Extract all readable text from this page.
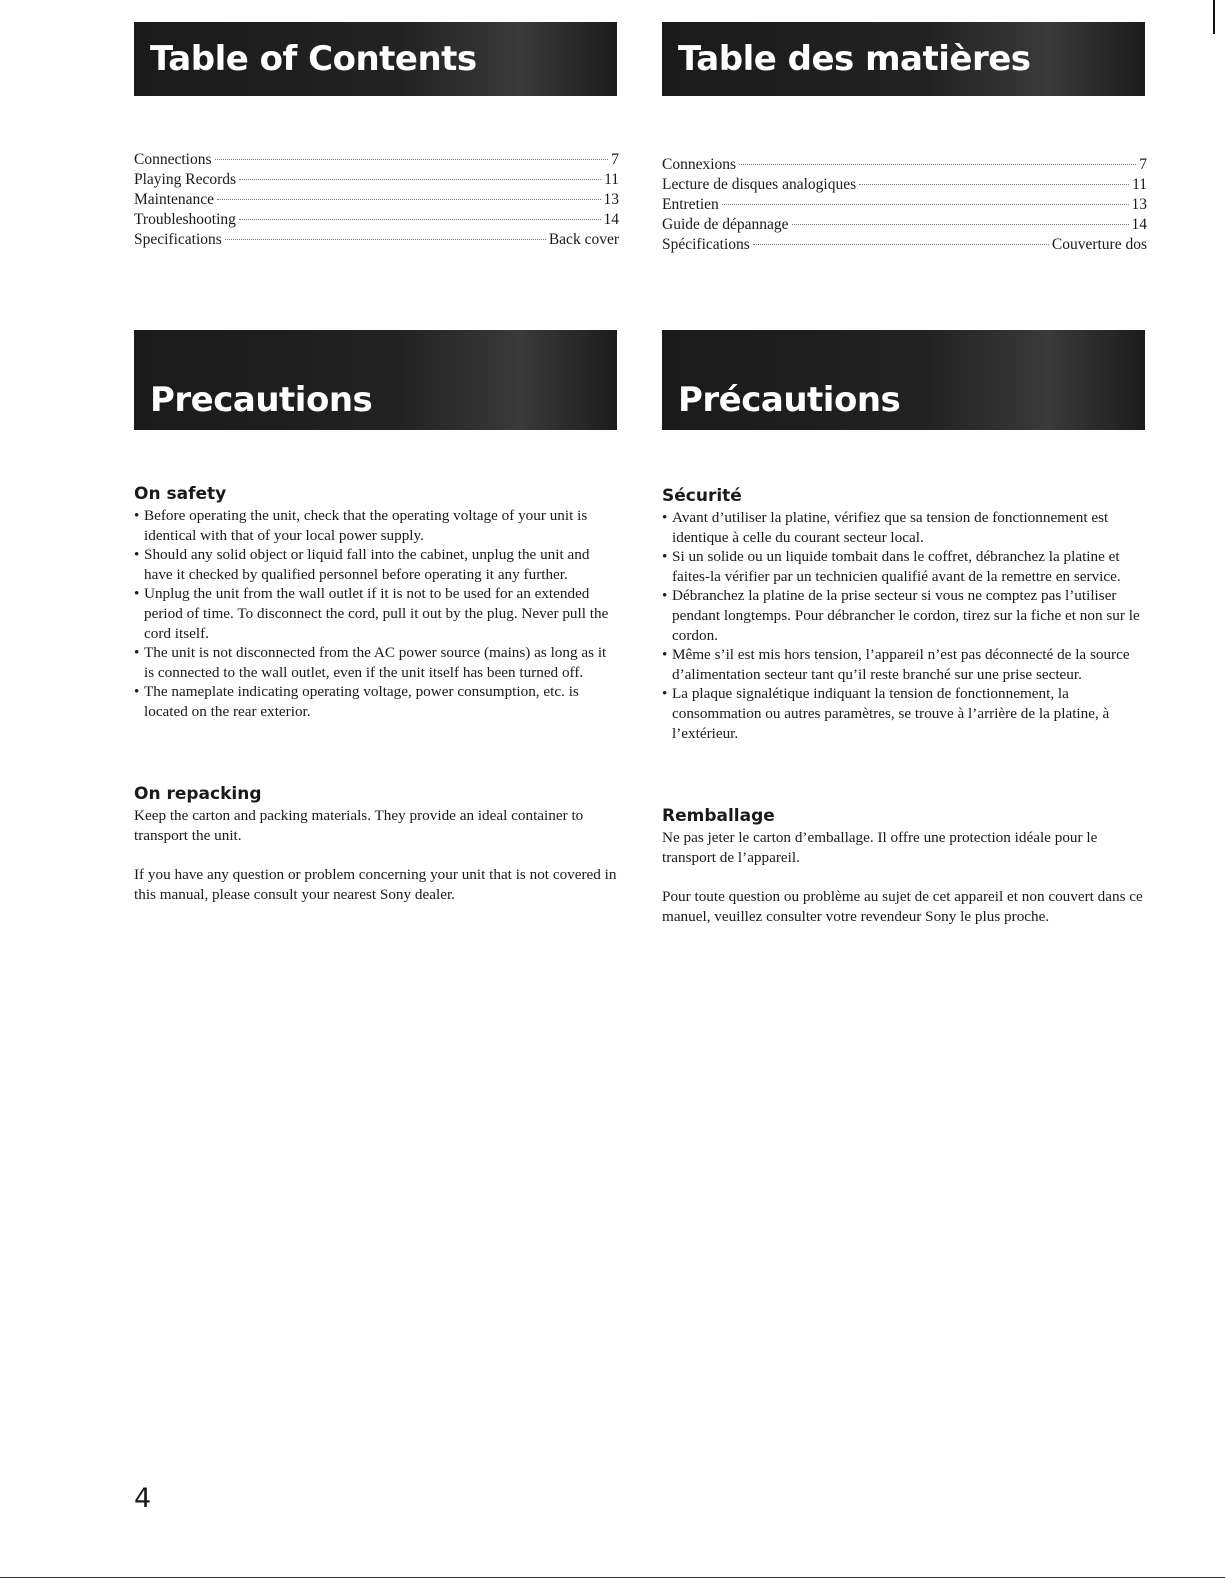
Table of Contents
Connections	7
Playing Records	11
Maintenance	13
Troubleshooting	14
Specifications	Back cover
Precautions
On safety
• Before operating the unit, check that the operating voltage of your unit is identical with that of your local power supply.
• Should any solid object or liquid fall into the cabinet, unplug the unit and have it checked by qualified personnel before operating it any further.
• Unplug the unit from the wall outlet if it is not to be used for an extended period of time. To disconnect the cord, pull it out by the plug. Never pull the cord itself.
• The unit is not disconnected from the AC power source (mains) as long as it is connected to the wall outlet, even if the unit itself has been turned off.
• The nameplate indicating operating voltage, power consumption, etc. is located on the rear exterior.
On repacking

Keep the carton and packing materials. They provide an ideal container to transport the unit.

If you have any question or problem concerning your unit that is not covered in this manual, please consult your nearest Sony dealer.

Table des matières
Connexions	7
Lecture de disques analogiques	11
Entretien	13
Guide de dépannage	14
Spécifications	Couverture dos
Précautions
Sécurité
• Avant d’utiliser la platine, vérifiez que sa tension de fonctionnement est identique à celle du courant secteur local.
• Si un solide ou un liquide tombait dans le coffret, débranchez la platine et faites-la vérifier par un technicien qualifié avant de la remettre en service.
• Débranchez la platine de la prise secteur si vous ne comptez pas l’utiliser pendant longtemps. Pour débrancher le cordon, tirez sur la fiche et non sur le cordon.
• Même s’il est mis hors tension, l’appareil n’est pas déconnecté de la source d’alimentation secteur tant qu’il reste branché sur une prise secteur.
• La plaque signalétique indiquant la tension de fonctionnement, la consommation ou autres paramètres, se trouve à l’arrière de la platine, à l’extérieur.
Remballage

Ne pas jeter le carton d’emballage. Il offre une protection idéale pour le transport de l’appareil.

Pour toute question ou problème au sujet de cet appareil et non couvert dans ce manuel, veuillez consulter votre revendeur Sony le plus proche.

4
